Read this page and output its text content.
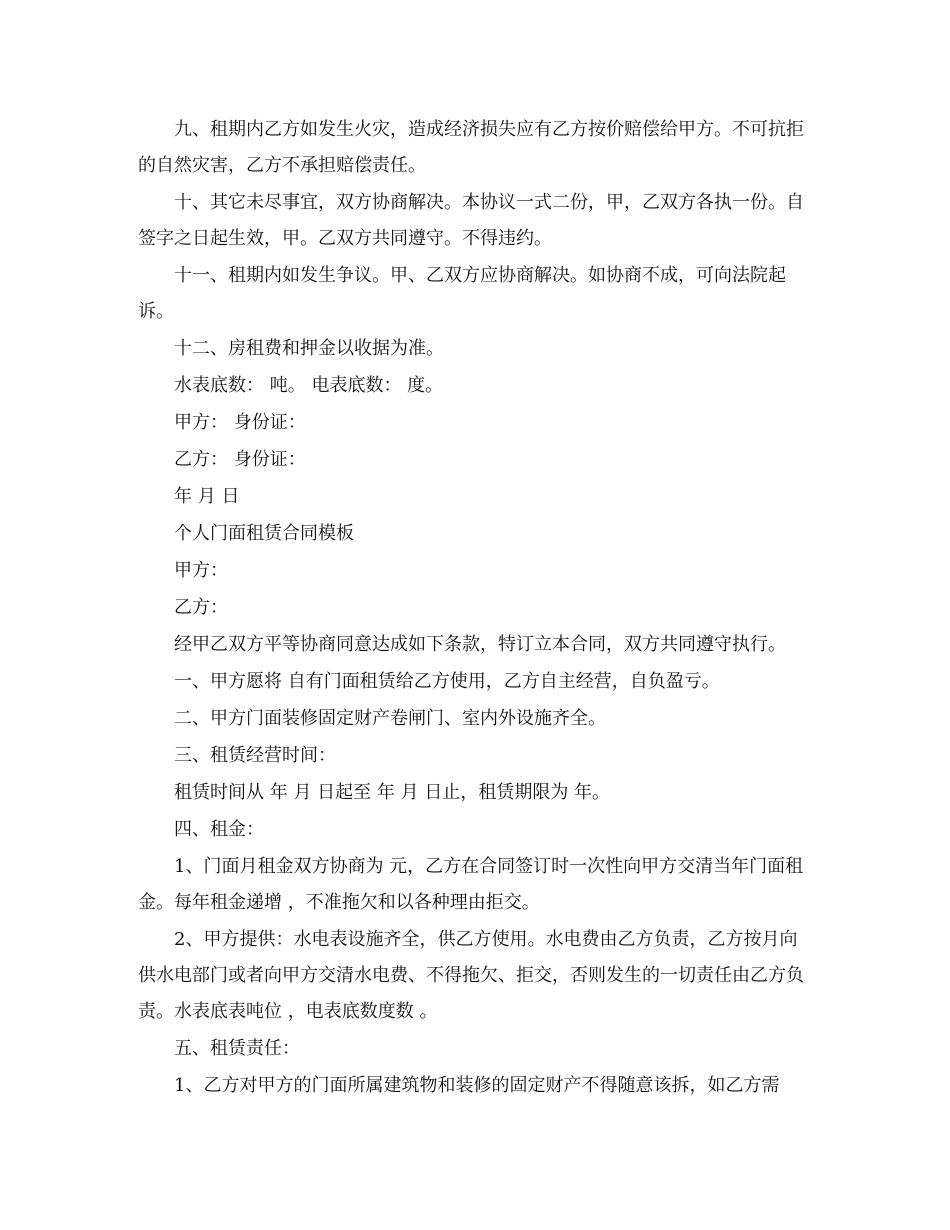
九、租期内乙方如发生火灾，造成经济损失应有乙方按价赔偿给甲方。不可抗拒的自然灾害，乙方不承担赔偿责任。

十、其它未尽事宜，双方协商解决。本协议一式二份，甲，乙双方各执一份。自签字之日起生效，甲。乙双方共同遵守。不得违约。

十一、租期内如发生争议。甲、乙双方应协商解决。如协商不成，可向法院起诉。

十二、房租费和押金以收据为准。

水表底数： 吨。 电表底数： 度。

甲方： 身份证：

乙方： 身份证：

年 月 日

个人门面租赁合同模板

甲方：

乙方：

经甲乙双方平等协商同意达成如下条款，特订立本合同，双方共同遵守执行。

一、甲方愿将 自有门面租赁给乙方使用，乙方自主经营，自负盈亏。

二、甲方门面装修固定财产卷闸门、室内外设施齐全。

三、租赁经营时间：

租赁时间从 年 月 日起至 年 月 日止，租赁期限为 年。

四、租金：

1、门面月租金双方协商为 元，乙方在合同签订时一次性向甲方交清当年门面租金。每年租金递增 ，不准拖欠和以各种理由拒交。

2、甲方提供：水电表设施齐全，供乙方使用。水电费由乙方负责，乙方按月向供水电部门或者向甲方交清水电费、不得拖欠、拒交，否则发生的一切责任由乙方负责。水表底表吨位 ，电表底数度数 。

五、租赁责任：

1、乙方对甲方的门面所属建筑物和装修的固定财产不得随意该拆，如乙方需
